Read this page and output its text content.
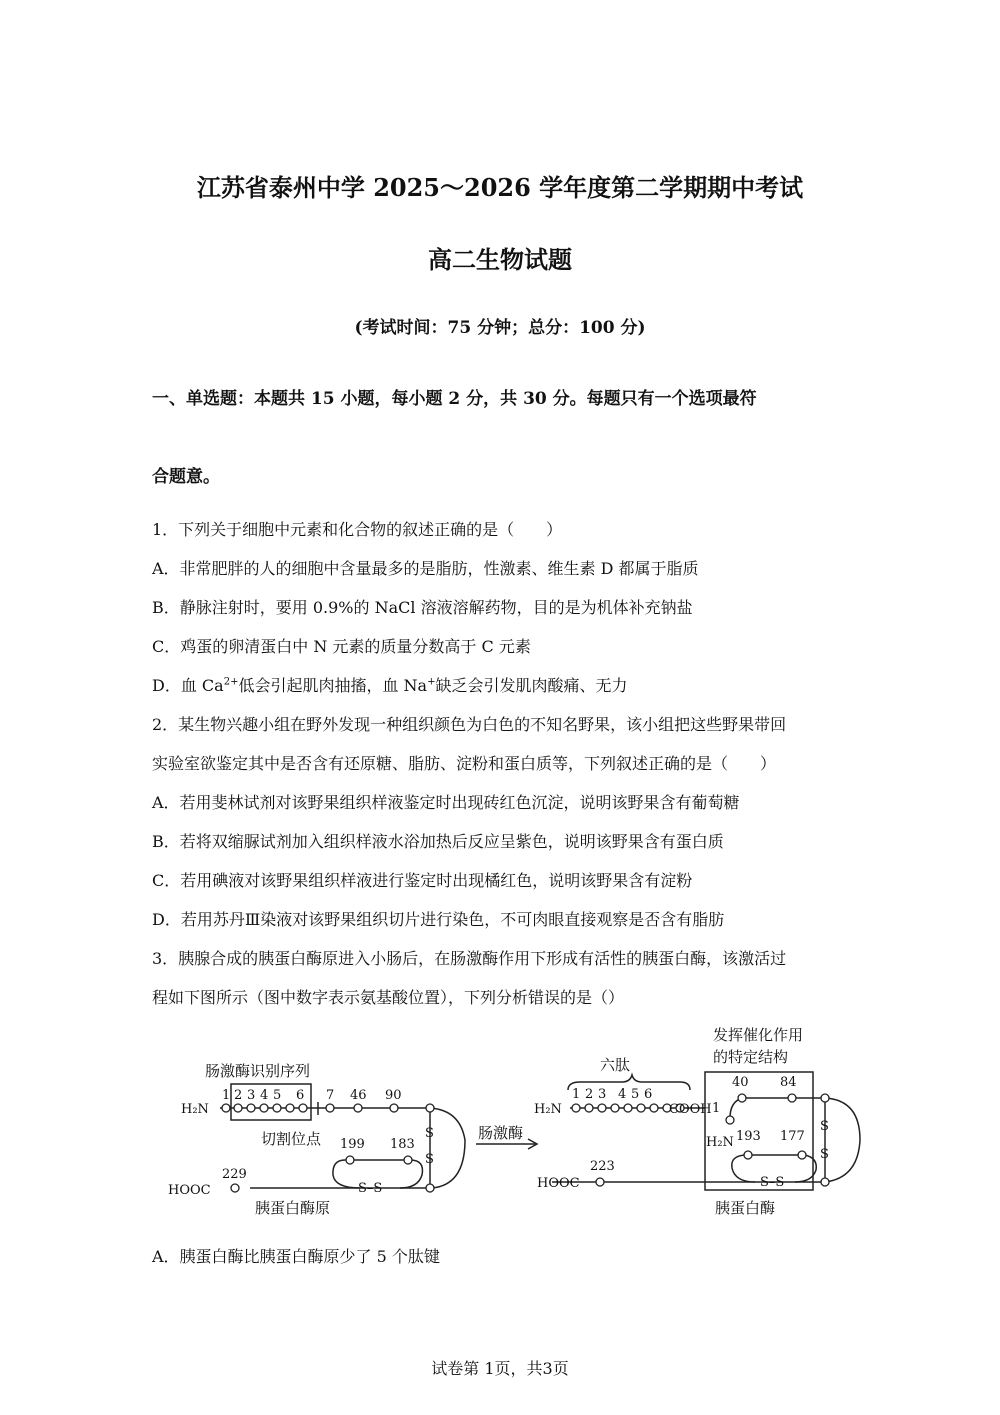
江苏省泰州中学 2025～2026 学年度第二学期期中考试
高二生物试题
(考试时间：75 分钟；总分：100 分)
一、单选题：本题共 15 小题，每小题 2 分，共 30 分。每题只有一个选项最符
合题意。
1．下列关于细胞中元素和化合物的叙述正确的是（　　）
A．非常肥胖的人的细胞中含量最多的是脂肪，性激素、维生素 D 都属于脂质
B．静脉注射时，要用 0.9%的 NaCl 溶液溶解药物，目的是为机体补充钠盐
C．鸡蛋的卵清蛋白中 N 元素的质量分数高于 C 元素
D．血 $Ca^{2+}$低会引起肌肉抽搐，血 Na+缺乏会引发肌肉酸痛、无力
2．某生物兴趣小组在野外发现一种组织颜色为白色的不知名野果，该小组把这些野果带回
实验室欲鉴定其中是否含有还原糖、脂肪、淀粉和蛋白质等，下列叙述正确的是（　　）
A．若用斐林试剂对该野果组织样液鉴定时出现砖红色沉淀，说明该野果含有葡萄糖
B．若将双缩脲试剂加入组织样液水浴加热后反应呈紫色，说明该野果含有蛋白质
C．若用碘液对该野果组织样液进行鉴定时出现橘红色，说明该野果含有淀粉
D．若用苏丹Ⅲ染液对该野果组织切片进行染色，不可肉眼直接观察是否含有脂肪
3．胰腺合成的胰蛋白酶原进入小肠后，在肠激酶作用下形成有活性的胰蛋白酶，该激活过
程如下图所示（图中数字表示氨基酸位置），下列分析错误的是（）
肠激酶识别序列
切割位点
胰蛋白酶原	胰蛋白酶
肠激酶
六肽
发挥催化作用
的特定结构
H₂N
HOOC
H₂N	COOH
HOOC
H₂N
S
S
S–S
S
S
S–S
1 2 3 4 5 6 7 46 90
199 183
229
1 2 3 4 5 6
40 84
1
193 177
223
A．胰蛋白酶比胰蛋白酶原少了 5 个肽键
试卷第 1页，共3页
